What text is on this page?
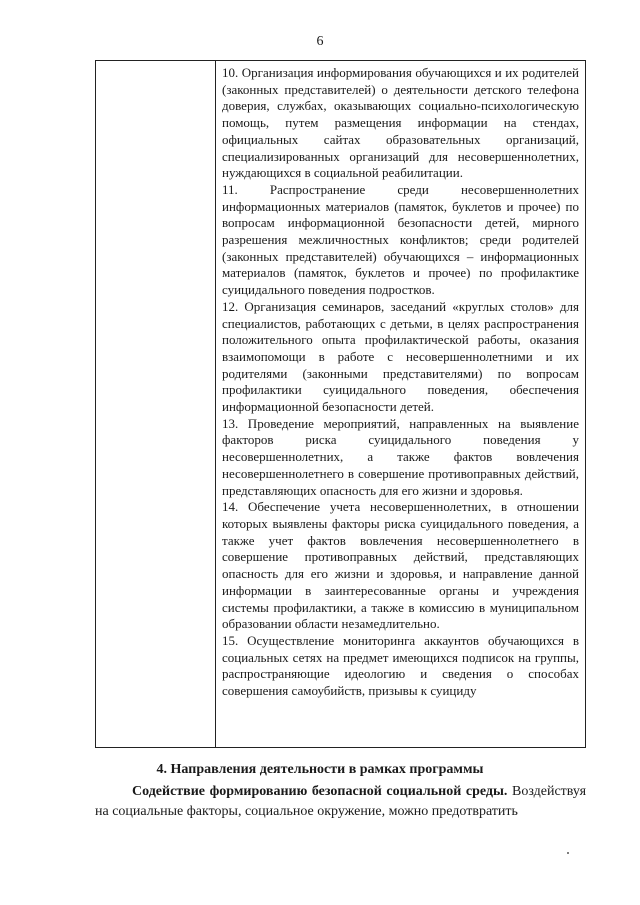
6

10. Организация информирования обучающихся и их родителей (законных представителей) о деятельности детского телефона доверия, службах, оказывающих социально-психологическую помощь, путем размещения информации на стендах, официальных сайтах образовательных организаций, специализированных организаций для несовершеннолетних, нуждающихся в социальной реабилитации.

11. Распространение среди несовершеннолетних информационных материалов (памяток, буклетов и прочее) по вопросам информационной безопасности детей, мирного разрешения межличностных конфликтов; среди родителей (законных представителей) обучающихся – информационных материалов (памяток, буклетов и прочее) по профилактике суицидального поведения подростков.

12. Организация семинаров, заседаний «круглых столов» для специалистов, работающих с детьми, в целях распространения положительного опыта профилактической работы, оказания взаимопомощи в работе с несовершеннолетними и их родителями (законными представителями) по вопросам профилактики суицидального поведения, обеспечения информационной безопасности детей.

13. Проведение мероприятий, направленных на выявление факторов риска суицидального поведения у несовершеннолетних, а также фактов вовлечения несовершеннолетнего в совершение противоправных действий, представляющих опасность для его жизни и здоровья.

14. Обеспечение учета несовершеннолетних, в отношении которых выявлены факторы риска суицидального поведения, а также учет фактов вовлечения несовершеннолетнего в совершение противоправных действий, представляющих опасность для его жизни и здоровья, и направление данной информации в заинтересованные органы и учреждения системы профилактики, а также в комиссию в муниципальном образовании области незамедлительно.

15. Осуществление мониторинга аккаунтов обучающихся в социальных сетях на предмет имеющихся подписок на группы, распространяющие идеологию и сведения о способах совершения самоубийств, призывы к суициду

4. Направления деятельности в рамках программы

Содействие формированию безопасной социальной среды. Воздействуя на социальные факторы, социальное окружение, можно предотвратить
